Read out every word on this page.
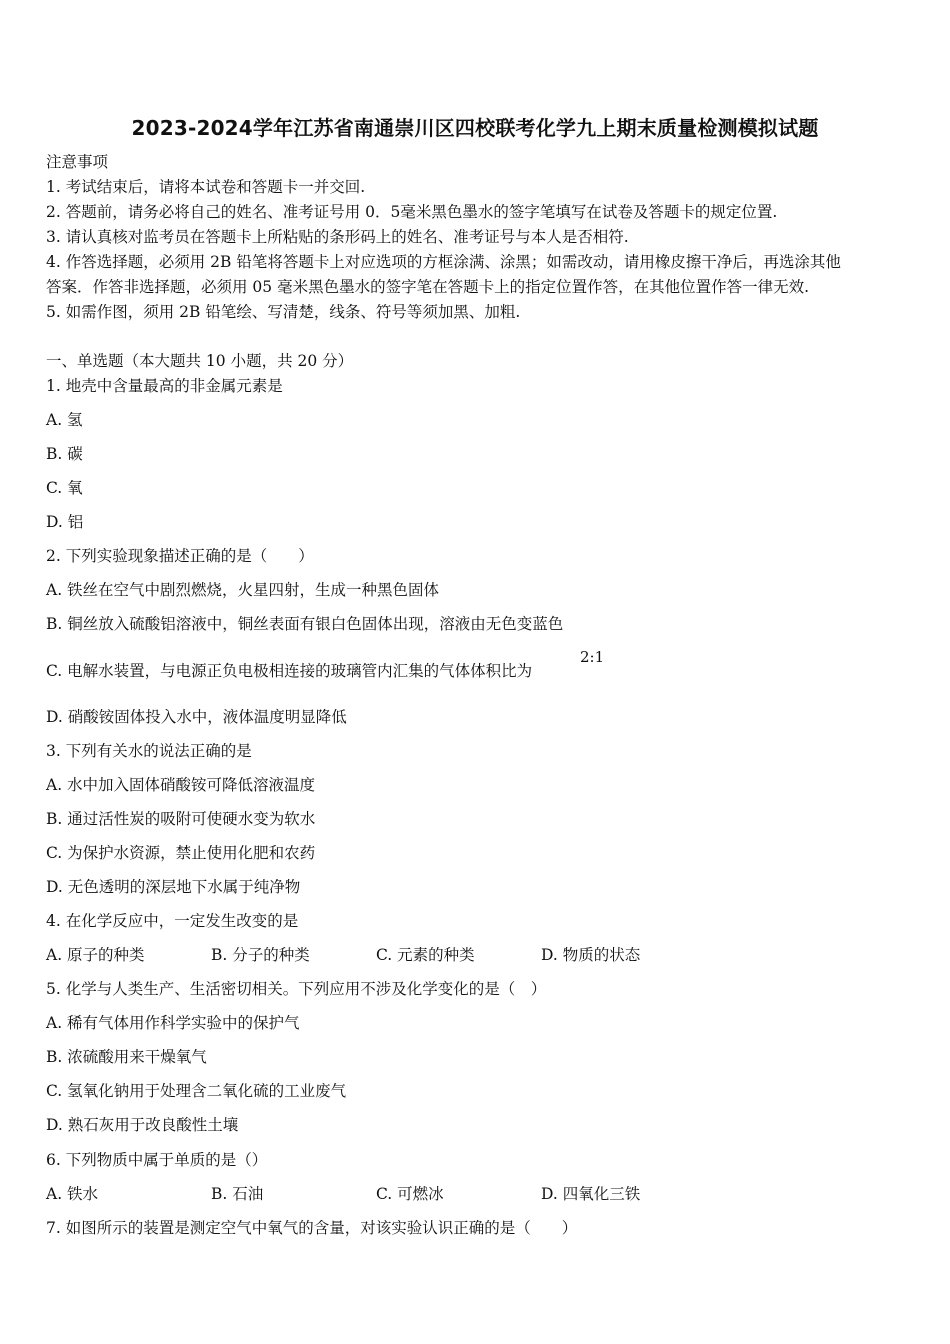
2023-2024学年江苏省南通崇川区四校联考化学九上期末质量检测模拟试题
注意事项
1. 考试结束后，请将本试卷和答题卡一并交回.
2. 答题前，请务必将自己的姓名、准考证号用 0．5毫米黑色墨水的签字笔填写在试卷及答题卡的规定位置.
3. 请认真核对监考员在答题卡上所粘贴的条形码上的姓名、准考证号与本人是否相符.
4. 作答选择题，必须用 2B 铅笔将答题卡上对应选项的方框涂满、涂黑；如需改动，请用橡皮擦干净后，再选涂其他
答案．作答非选择题，必须用 05 毫米黑色墨水的签字笔在答题卡上的指定位置作答，在其他位置作答一律无效.
5. 如需作图，须用 2B 铅笔绘、写清楚，线条、符号等须加黑、加粗.
一、单选题（本大题共 10 小题，共 20 分）
1. 地壳中含量最高的非金属元素是
A. 氢
B. 碳
C. 氧
D. 铝
2. 下列实验现象描述正确的是（　　）
A. 铁丝在空气中剧烈燃烧，火星四射，生成一种黑色固体
B. 铜丝放入硫酸铝溶液中，铜丝表面有银白色固体出现，溶液由无色变蓝色
C. 电解水装置，与电源正负电极相连接的玻璃管内汇集的气体体积比为
2:1
D. 硝酸铵固体投入水中，液体温度明显降低
3. 下列有关水的说法正确的是
A. 水中加入固体硝酸铵可降低溶液温度
B. 通过活性炭的吸附可使硬水变为软水
C. 为保护水资源，禁止使用化肥和农药
D. 无色透明的深层地下水属于纯净物
4. 在化学反应中，一定发生改变的是
A. 原子的种类	B. 分子的种类	C. 元素的种类	D. 物质的状态
5. 化学与人类生产、生活密切相关。下列应用不涉及化学变化的是（　）
A. 稀有气体用作科学实验中的保护气
B. 浓硫酸用来干燥氧气
C. 氢氧化钠用于处理含二氧化硫的工业废气
D. 熟石灰用于改良酸性土壤
6. 下列物质中属于单质的是（）
A. 铁水	B. 石油	C. 可燃冰	D. 四氧化三铁
7. 如图所示的装置是测定空气中氧气的含量，对该实验认识正确的是（　　）
